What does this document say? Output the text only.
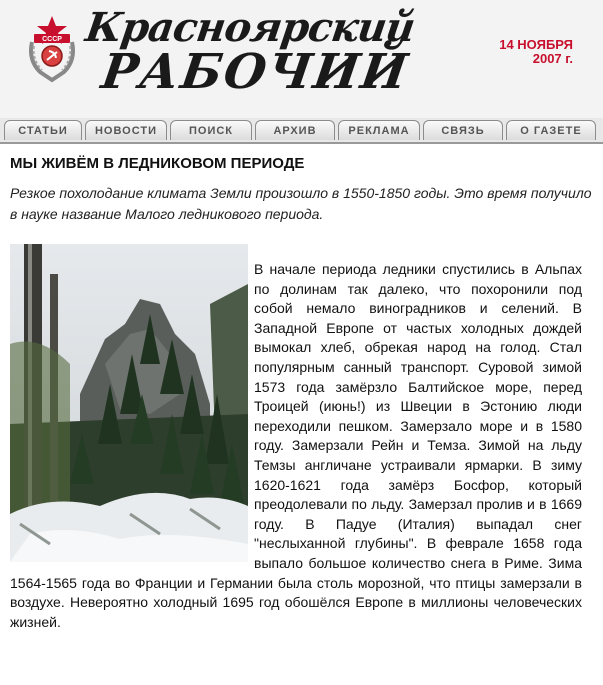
СССР Красноярский
РАБОЧИЙ	14 НОЯБРЯ
2007 г.
СТАТЬИ	НОВОСТИ	ПОИСК	АРХИВ	РЕКЛАМА	СВЯЗЬ	О ГАЗЕТЕ
МЫ ЖИВЁМ В ЛЕДНИКОВОМ ПЕРИОДЕ
Резкое похолодание климата Земли произошло в 1550-1850 годы. Это время получило в науке название Малого ледникового периода.
В начале периода ледники спустились в Альпах по долинам так далеко, что похоронили под собой немало виноградников и селений. В Западной Европе от частых холодных дождей вымокал хлеб, обрекая народ на голод. Стал популярным санный транспорт. Суровой зимой 1573 года замёрзло Балтийское море, перед Троицей (июнь!) из Швеции в Эстонию люди переходили пешком. Замерзало море и в 1580 году. Замерзали Рейн и Темза. Зимой на льду Темзы англичане устраивали ярмарки. В зиму 1620-1621 года замёрз Босфор, который преодолевали по льду. Замерзал пролив и в 1669 году. В Падуе (Италия) выпадал снег "неслыханной глубины". В феврале 1658 года выпало большое количество снега в Риме. Зима 1564-1565 года во Франции и Германии была столь морозной, что птицы замерзали в воздухе. Невероятно холодный 1695 год обошёлся Европе в миллионы человеческих жизней.
